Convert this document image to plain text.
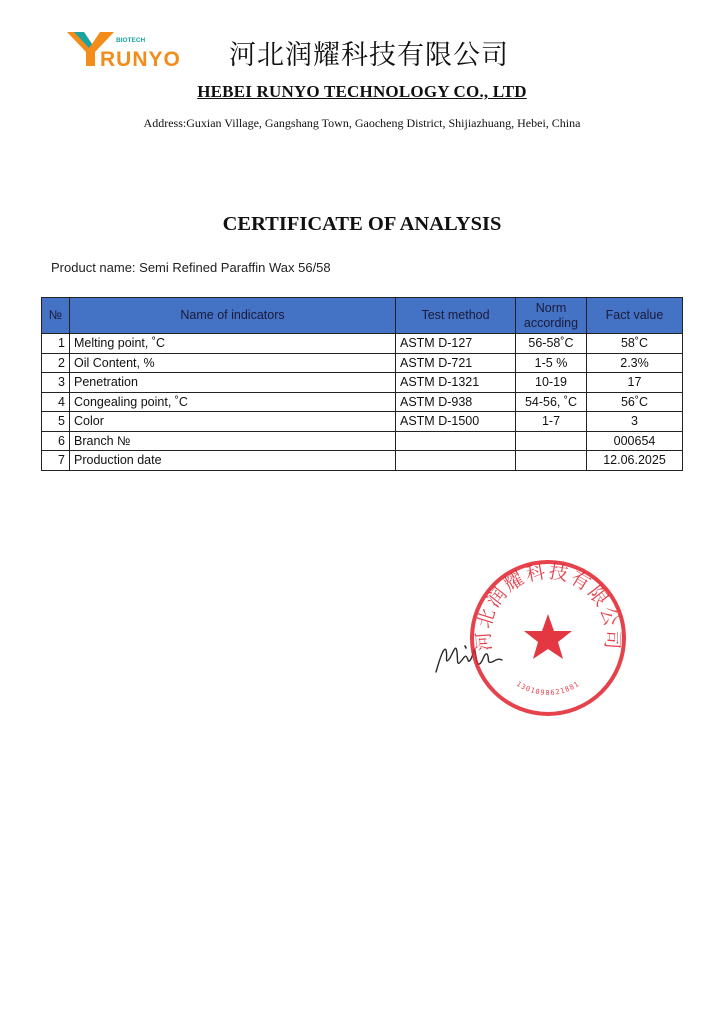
BIOTECH
RUNYO 河北润耀科技有限公司
HEBEI RUNYO TECHNOLOGY CO., LTD
Address:Guxian Village, Gangshang Town, Gaocheng District, Shijiazhuang, Hebei, China
CERTIFICATE OF ANALYSIS
Product name: Semi Refined Paraffin Wax 56/58
№	Name of indicators	Test method	Norm according	Fact value
1	Melting point, ˚C	ASTM D-127	56-58˚C	58˚C
2	Oil Content, %	ASTM D-721	1-5 %	2.3%
3	Penetration	ASTM D-1321	10-19	17
4	Congealing point, ˚C	ASTM D-938	54-56, ˚C	56˚C
5	Color	ASTM D-1500	1-7	3
6	Branch №			000654
7	Production date			12.06.2025
河北润耀科技有限公司
1301098621881
